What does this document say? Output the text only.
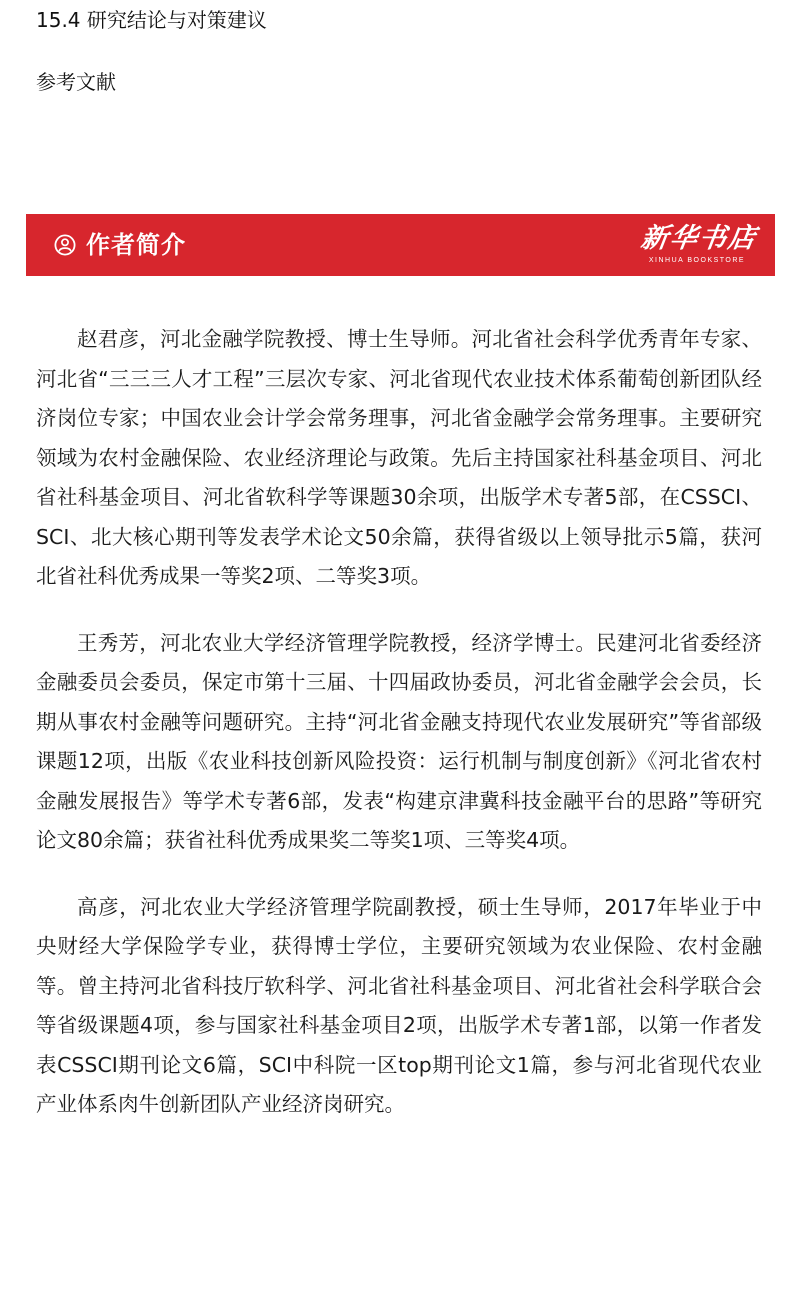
15.4 研究结论与对策建议
参考文献
作者简介	新华书店
XINHUA BOOKSTORE

赵君彦，河北金融学院教授、博士生导师。河北省社会科学优秀青年专家、河北省“三三三人才工程”三层次专家、河北省现代农业技术体系葡萄创新团队经济岗位专家；中国农业会计学会常务理事，河北省金融学会常务理事。主要研究领域为农村金融保险、农业经济理论与政策。先后主持国家社科基金项目、河北省社科基金项目、河北省软科学等课题30余项，出版学术专著5部，在CSSCI、SCI、北大核心期刊等发表学术论文50余篇，获得省级以上领导批示5篇，获河北省社科优秀成果一等奖2项、二等奖3项。

王秀芳，河北农业大学经济管理学院教授，经济学博士。民建河北省委经济金融委员会委员，保定市第十三届、十四届政协委员，河北省金融学会会员，长期从事农村金融等问题研究。主持“河北省金融支持现代农业发展研究”等省部级课题12项，出版《农业科技创新风险投资：运行机制与制度创新》《河北省农村金融发展报告》等学术专著6部，发表“构建京津冀科技金融平台的思路”等研究论文80余篇；获省社科优秀成果奖二等奖1项、三等奖4项。

高彦，河北农业大学经济管理学院副教授，硕士生导师，2017年毕业于中央财经大学保险学专业，获得博士学位，主要研究领域为农业保险、农村金融等。曾主持河北省科技厅软科学、河北省社科基金项目、河北省社会科学联合会等省级课题4项，参与国家社科基金项目2项，出版学术专著1部，以第一作者发表CSSCI期刊论文6篇，SCI中科院一区top期刊论文1篇，参与河北省现代农业产业体系肉牛创新团队产业经济岗研究。
